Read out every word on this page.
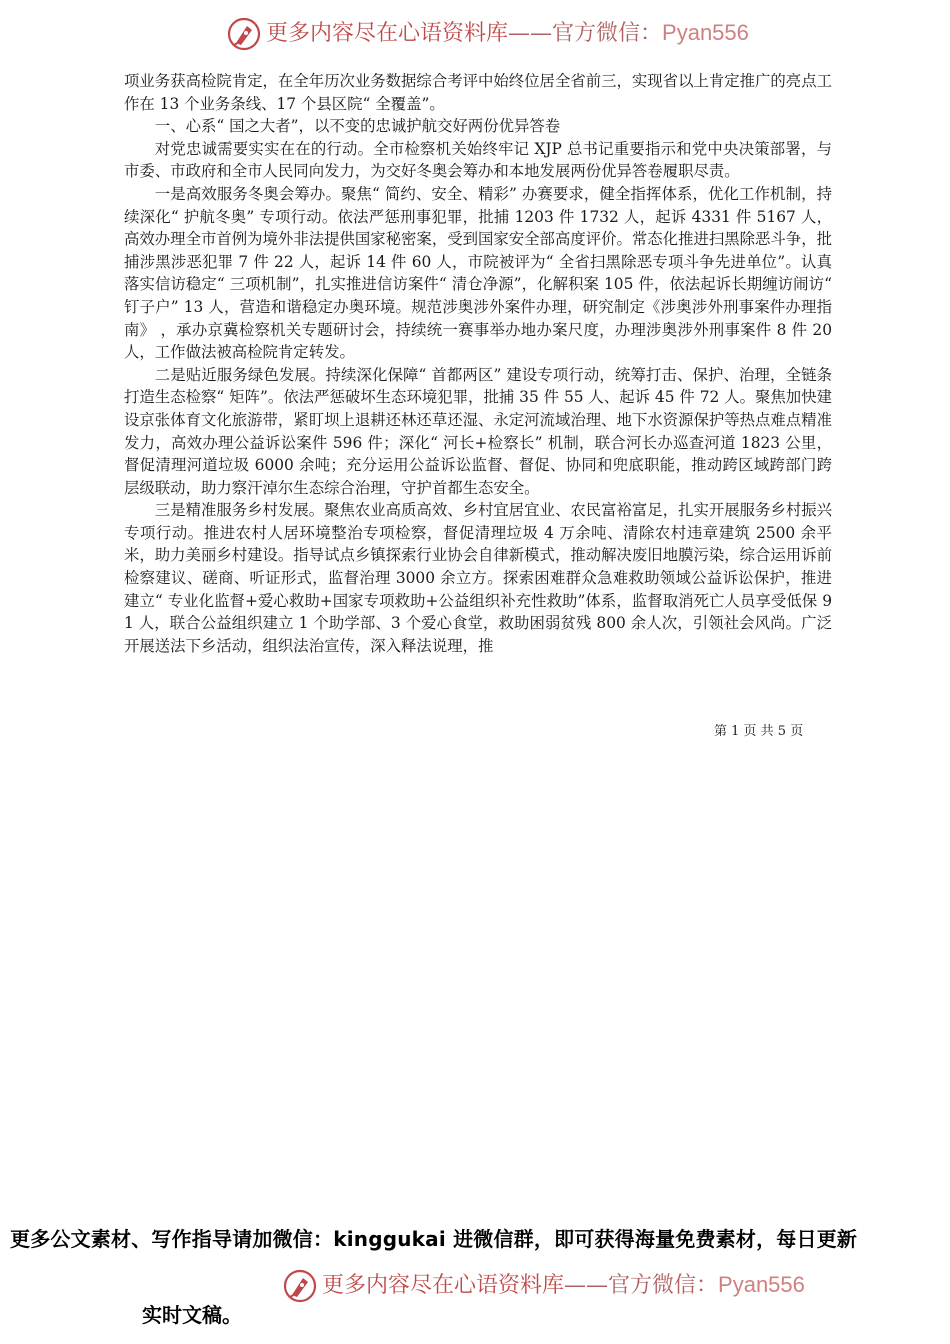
更多内容尽在心语资料库——官方微信：Pyan556

项业务获高检院肯定，在全年历次业务数据综合考评中始终位居全省前三，实现省以上肯定推广的亮点工作在 13 个业务条线、17 个县区院“ 全覆盖”。

一、心系“ 国之大者”，以不变的忠诚护航交好两份优异答卷

对党忠诚需要实实在在的行动。全市检察机关始终牢记 XJP 总书记重要指示和党中央决策部署，与市委、市政府和全市人民同向发力，为交好冬奥会筹办和本地发展两份优异答卷履职尽责。

一是高效服务冬奥会筹办。聚焦“ 简约、安全、精彩” 办赛要求，健全指挥体系，优化工作机制，持续深化“ 护航冬奥” 专项行动。依法严惩刑事犯罪，批捕 1203 件 1732 人，起诉 4331 件 5167 人，高效办理全市首例为境外非法提供国家秘密案，受到国家安全部高度评价。常态化推进扫黑除恶斗争，批捕涉黑涉恶犯罪 7 件 22 人，起诉 14 件 60 人，市院被评为“ 全省扫黑除恶专项斗争先进单位”。认真落实信访稳定“ 三项机制”，扎实推进信访案件“ 清仓净源”，化解积案 105 件，依法起诉长期缠访闹访“ 钉子户” 13 人，营造和谐稳定办奥环境。规范涉奥涉外案件办理，研究制定《涉奥涉外刑事案件办理指南》 ，承办京冀检察机关专题研讨会，持续统一赛事举办地办案尺度，办理涉奥涉外刑事案件 8 件 20 人，工作做法被高检院肯定转发。

二是贴近服务绿色发展。持续深化保障“ 首都两区” 建设专项行动，统筹打击、保护、治理，全链条打造生态检察“ 矩阵”。依法严惩破坏生态环境犯罪，批捕 35 件 55 人、起诉 45 件 72 人。聚焦加快建设京张体育文化旅游带，紧盯坝上退耕还林还草还湿、永定河流域治理、地下水资源保护等热点难点精准发力，高效办理公益诉讼案件 596 件；深化“ 河长+检察长” 机制，联合河长办巡查河道 1823 公里，督促清理河道垃圾 6000 余吨；充分运用公益诉讼监督、督促、协同和兜底职能，推动跨区域跨部门跨层级联动，助力察汗淖尔生态综合治理，守护首都生态安全。

三是精准服务乡村发展。聚焦农业高质高效、乡村宜居宜业、农民富裕富足，扎实开展服务乡村振兴专项行动。推进农村人居环境整治专项检察，督促清理垃圾 4 万余吨、清除农村违章建筑 2500 余平米，助力美丽乡村建设。指导试点乡镇探索行业协会自律新模式，推动解决废旧地膜污染，综合运用诉前检察建议、磋商、听证形式，监督治理 3000 余立方。探索困难群众急难救助领域公益诉讼保护，推进建立“ 专业化监督+爱心救助+国家专项救助+公益组织补充性救助”体系，监督取消死亡人员享受低保 91 人，联合公益组织建立 1 个助学部、3 个爱心食堂，救助困弱贫残 800 余人次，引领社会风尚。广泛开展送法下乡活动，组织法治宣传，深入释法说理，推

第 1 页 共 5 页
更多公文素材、写作指导请加微信：kinggukai 进微信群，即可获得海量免费素材，每日更新
更多内容尽在心语资料库——官方微信：Pyan556
实时文稿。
